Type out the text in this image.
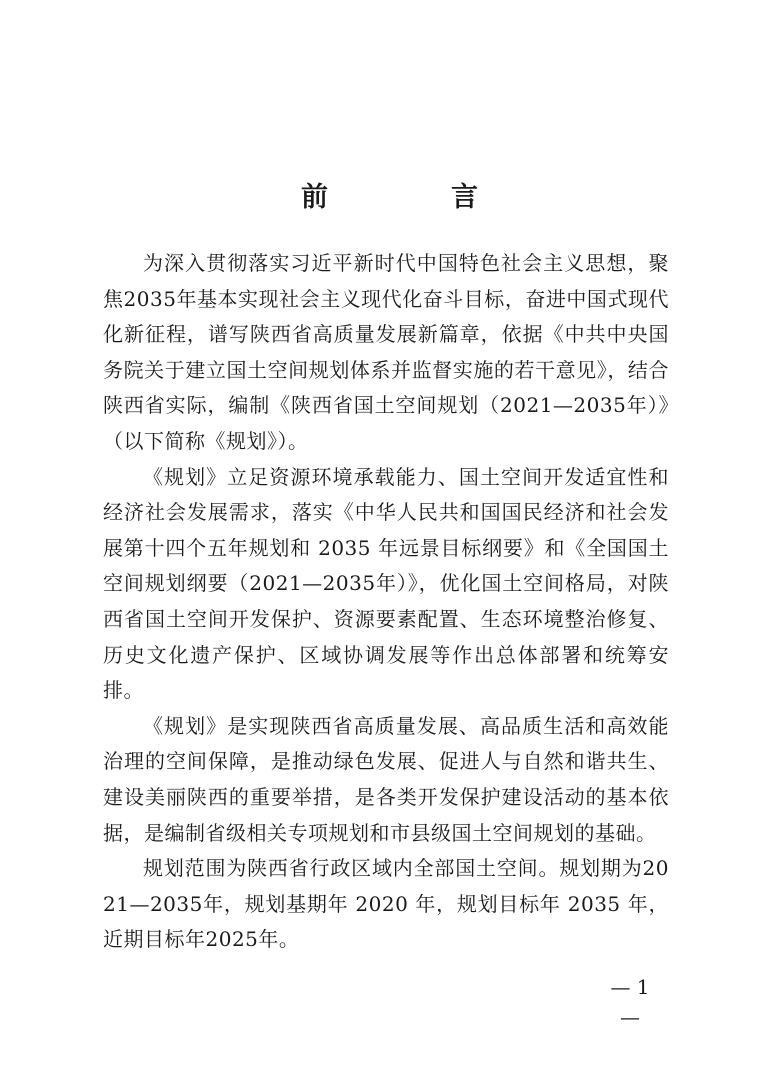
前　言

为深入贯彻落实习近平新时代中国特色社会主义思想，聚焦2035年基本实现社会主义现代化奋斗目标，奋进中国式现代化新征程，谱写陕西省高质量发展新篇章，依据《中共中央国务院关于建立国土空间规划体系并监督实施的若干意见》，结合陕西省实际，编制《陕西省国土空间规划（2021—2035年）》（以下简称《规划》）。

《规划》立足资源环境承载能力、国土空间开发适宜性和经济社会发展需求，落实《中华人民共和国国民经济和社会发展第十四个五年规划和 2035 年远景目标纲要》和《全国国土空间规划纲要（2021—2035年）》，优化国土空间格局，对陕西省国土空间开发保护、资源要素配置、生态环境整治修复、历史文化遗产保护、区域协调发展等作出总体部署和统筹安排。

《规划》是实现陕西省高质量发展、高品质生活和高效能治理的空间保障，是推动绿色发展、促进人与自然和谐共生、建设美丽陕西的重要举措，是各类开发保护建设活动的基本依据，是编制省级相关专项规划和市县级国土空间规划的基础。

规划范围为陕西省行政区域内全部国土空间。规划期为2021—2035年，规划基期年 2020 年，规划目标年 2035 年，近期目标年2025年。

— 1 —
